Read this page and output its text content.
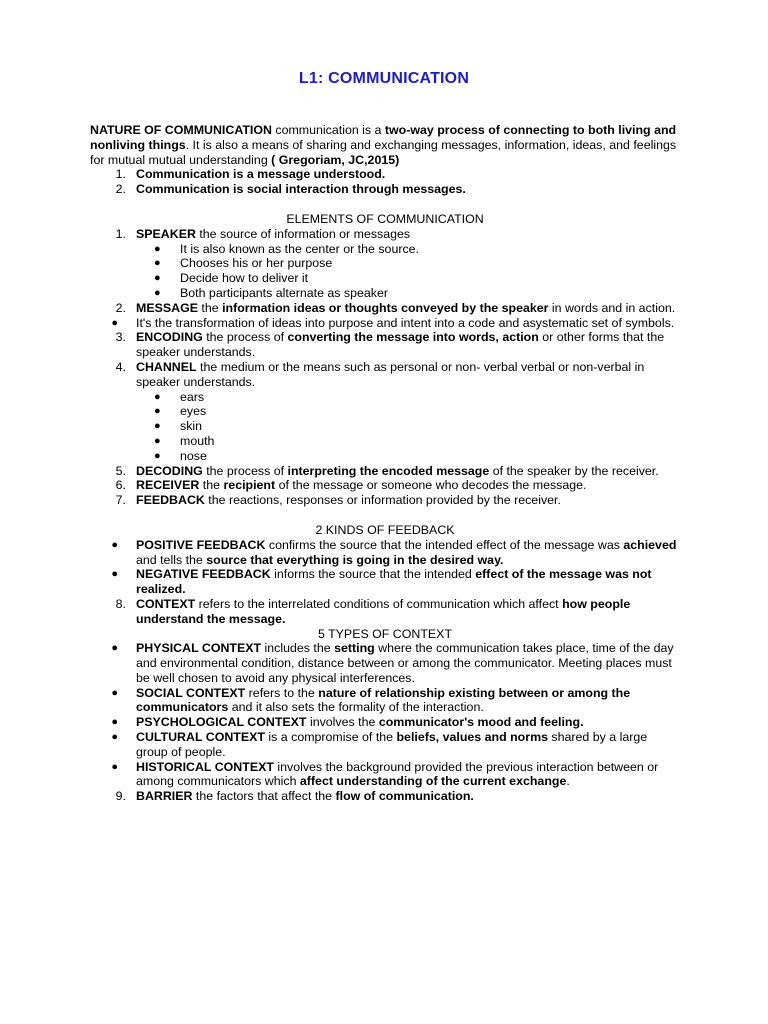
L1: COMMUNICATION

NATURE OF COMMUNICATION communication is a two-way process of connecting to both living and nonliving things. It is also a means of sharing and exchanging messages, information, ideas, and feelings for mutual mutual understanding ( Gregoriam, JC,2015)

1. Communication is a message understood.
2. Communication is social interaction through messages.

ELEMENTS OF COMMUNICATION

1. SPEAKER the source of information or messages
● It is also known as the center or the source.
● Chooses his or her purpose
● Decide how to deliver it
● Both participants alternate as speaker
2. MESSAGE the information ideas or thoughts conveyed by the speaker in words and in action.
● It's the transformation of ideas into purpose and intent into a code and asystematic set of symbols.
3. ENCODING the process of converting the message into words, action or other forms that the speaker understands.
4. CHANNEL the medium or the means such as personal or non- verbal verbal or non-verbal in speaker understands.
● ears
● eyes
● skin
● mouth
● nose
5. DECODING the process of interpreting the encoded message of the speaker by the receiver.
6. RECEIVER the recipient of the message or someone who decodes the message.
7. FEEDBACK the reactions, responses or information provided by the receiver.

2 KINDS OF FEEDBACK

● POSITIVE FEEDBACK confirms the source that the intended effect of the message was achieved and tells the source that everything is going in the desired way.
● NEGATIVE FEEDBACK informs the source that the intended effect of the message was not realized.
8. CONTEXT refers to the interrelated conditions of communication which affect how people understand the message.

5 TYPES OF CONTEXT

● PHYSICAL CONTEXT includes the setting where the communication takes place, time of the day and environmental condition, distance between or among the communicator. Meeting places must be well chosen to avoid any physical interferences.
● SOCIAL CONTEXT refers to the nature of relationship existing between or among the communicators and it also sets the formality of the interaction.
● PSYCHOLOGICAL CONTEXT involves the communicator's mood and feeling.
● CULTURAL CONTEXT is a compromise of the beliefs, values and norms shared by a large group of people.
● HISTORICAL CONTEXT involves the background provided the previous interaction between or among communicators which affect understanding of the current exchange.
9. BARRIER the factors that affect the flow of communication.
